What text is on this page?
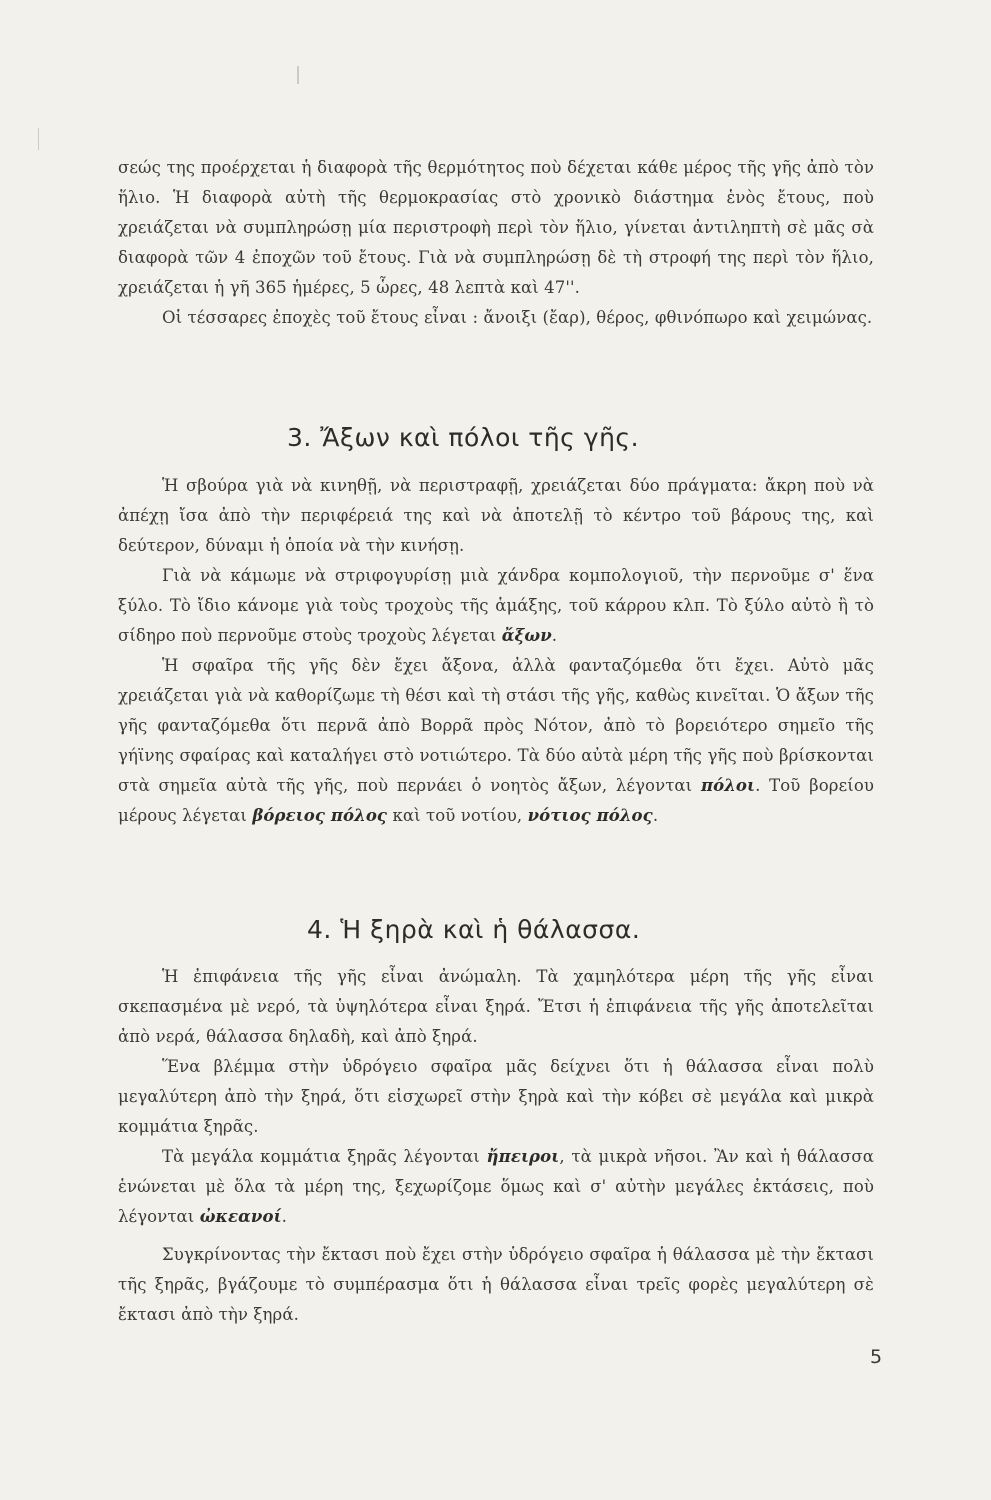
σεώς της προέρχεται ἡ διαφορὰ τῆς θερμότητος ποὺ δέχεται κάθε μέρος τῆς γῆς ἀπὸ τὸν ἥλιο. Ἡ διαφορὰ αὐτὴ τῆς θερμοκρασίας στὸ χρονικὸ διάστημα ἑνὸς ἔτους, ποὺ χρειάζεται νὰ συμπληρώσῃ μία περιστροφὴ περὶ τὸν ἥλιο, γίνεται ἀντιληπτὴ σὲ μᾶς σὰ διαφορὰ τῶν 4 ἐποχῶν τοῦ ἔτους. Γιὰ νὰ συμπληρώσῃ δὲ τὴ στροφή της περὶ τὸν ἥλιο, χρειάζεται ἡ γῆ 365 ἡμέρες, 5 ὧρες, 48 λεπτὰ καὶ 47''.

Οἱ τέσσαρες ἐποχὲς τοῦ ἔτους εἶναι : ἄνοιξι (ἔαρ), θέρος, φθινόπωρο καὶ χειμώνας.

3. Ἄξων καὶ πόλοι τῆς γῆς.

Ἡ σβούρα γιὰ νὰ κινηθῇ, νὰ περιστραφῇ, χρειάζεται δύο πράγματα: ἄκρη ποὺ νὰ ἀπέχῃ ἴσα ἀπὸ τὴν περιφέρειά της καὶ νὰ ἀποτελῇ τὸ κέντρο τοῦ βάρους της, καὶ δεύτερον, δύναμι ἡ ὁποία νὰ τὴν κινήσῃ.

Γιὰ νὰ κάμωμε νὰ στριφογυρίσῃ μιὰ χάνδρα κομπολογιοῦ, τὴν περνοῦμε σ' ἕνα ξύλο. Τὸ ἴδιο κάνομε γιὰ τοὺς τροχοὺς τῆς ἁμάξης, τοῦ κάρρου κλπ. Τὸ ξύλο αὐτὸ ἢ τὸ σίδηρο ποὺ περνοῦμε στοὺς τροχοὺς λέγεται ἄξων.

Ἡ σφαῖρα τῆς γῆς δὲν ἔχει ἄξονα, ἀλλὰ φανταζόμεθα ὅτι ἔχει. Αὐτὸ μᾶς χρειάζεται γιὰ νὰ καθορίζωμε τὴ θέσι καὶ τὴ στάσι τῆς γῆς, καθὼς κινεῖται. Ὁ ἄξων τῆς γῆς φανταζόμεθα ὅτι περνᾶ ἀπὸ Βορρᾶ πρὸς Νότον, ἀπὸ τὸ βορειότερο σημεῖο τῆς γήϊνης σφαίρας καὶ καταλήγει στὸ νοτιώτερο. Τὰ δύο αὐτὰ μέρη τῆς γῆς ποὺ βρίσκονται στὰ σημεῖα αὐτὰ τῆς γῆς, ποὺ περνάει ὁ νοητὸς ἄξων, λέγονται πόλοι. Τοῦ βορείου μέρους λέγεται βόρειος πόλος καὶ τοῦ νοτίου, νότιος πόλος.

4. Ἡ ξηρὰ καὶ ἡ θάλασσα.

Ἡ ἐπιφάνεια τῆς γῆς εἶναι ἀνώμαλη. Τὰ χαμηλότερα μέρη τῆς γῆς εἶναι σκεπασμένα μὲ νερό, τὰ ὑψηλότερα εἶναι ξηρά. Ἔτσι ἡ ἐπιφάνεια τῆς γῆς ἀποτελεῖται ἀπὸ νερά, θάλασσα δηλαδὴ, καὶ ἀπὸ ξηρά.

Ἕνα βλέμμα στὴν ὑδρόγειο σφαῖρα μᾶς δείχνει ὅτι ἡ θάλασσα εἶναι πολὺ μεγαλύτερη ἀπὸ τὴν ξηρά, ὅτι εἰσχωρεῖ στὴν ξηρὰ καὶ τὴν κόβει σὲ μεγάλα καὶ μικρὰ κομμάτια ξηρᾶς.

Τὰ μεγάλα κομμάτια ξηρᾶς λέγονται ἤπειροι, τὰ μικρὰ νῆσοι. Ἂν καὶ ἡ θάλασσα ἑνώνεται μὲ ὅλα τὰ μέρη της, ξεχωρίζομε ὅμως καὶ σ' αὐτὴν μεγάλες ἐκτάσεις, ποὺ λέγονται ὠκεανοί.

Συγκρίνοντας τὴν ἔκτασι ποὺ ἔχει στὴν ὑδρόγειο σφαῖρα ἡ θάλασσα μὲ τὴν ἔκτασι τῆς ξηρᾶς, βγάζουμε τὸ συμπέρασμα ὅτι ἡ θάλασσα εἶναι τρεῖς φορὲς μεγαλύτερη σὲ ἔκτασι ἀπὸ τὴν ξηρά.

5
